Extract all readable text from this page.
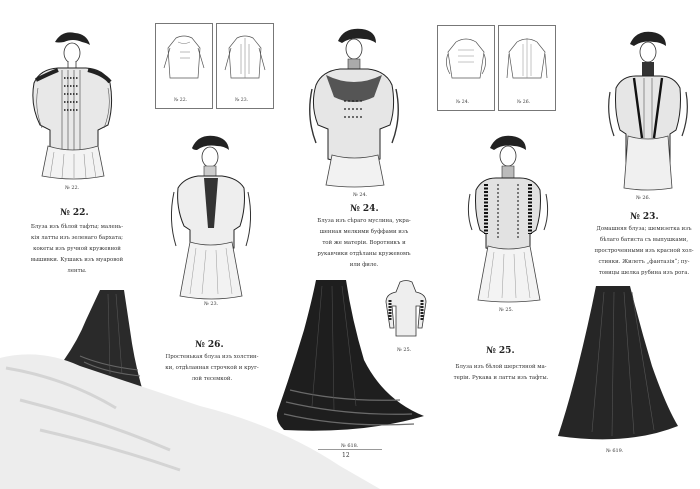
№ 22.
№ 22.
Блуза изъ бѣлой тафты; малень-
кія латты изъ зеленаго бархата;
кокеты изъ ручной кружевной
вышивки. Кушакъ изъ муаровой
ленты.
№ 22.	№ 23.
№ 23.
№ 26.
Простенькая блуза изъ холстин-
ки, отдѣланная строчкой и круг-
лой тесемкой.
№ 24.
№ 24.
Блуза изъ сѣраго муслина, укра-
шенная мелкими буффами изъ
той же матеріи. Воротникъ и
рукавчики отдѣланы кружевомъ
или филе.
№ 618.
№ 25.
12
№ 24.	№ 26.
№ 25.
№ 25.
Блуза изъ бѣлой шерстяной ма-
теріи. Рукава и латты изъ тафты.
№ 26.
№ 23.
Домашняя блуза; шемизетка изъ
бѣлаго батиста съ выпушками,
простроченными изъ красной хол-
стинки. Жилетъ „фантазія“; пу-
товицы шелка рубина изъ рога.
№ 619.
